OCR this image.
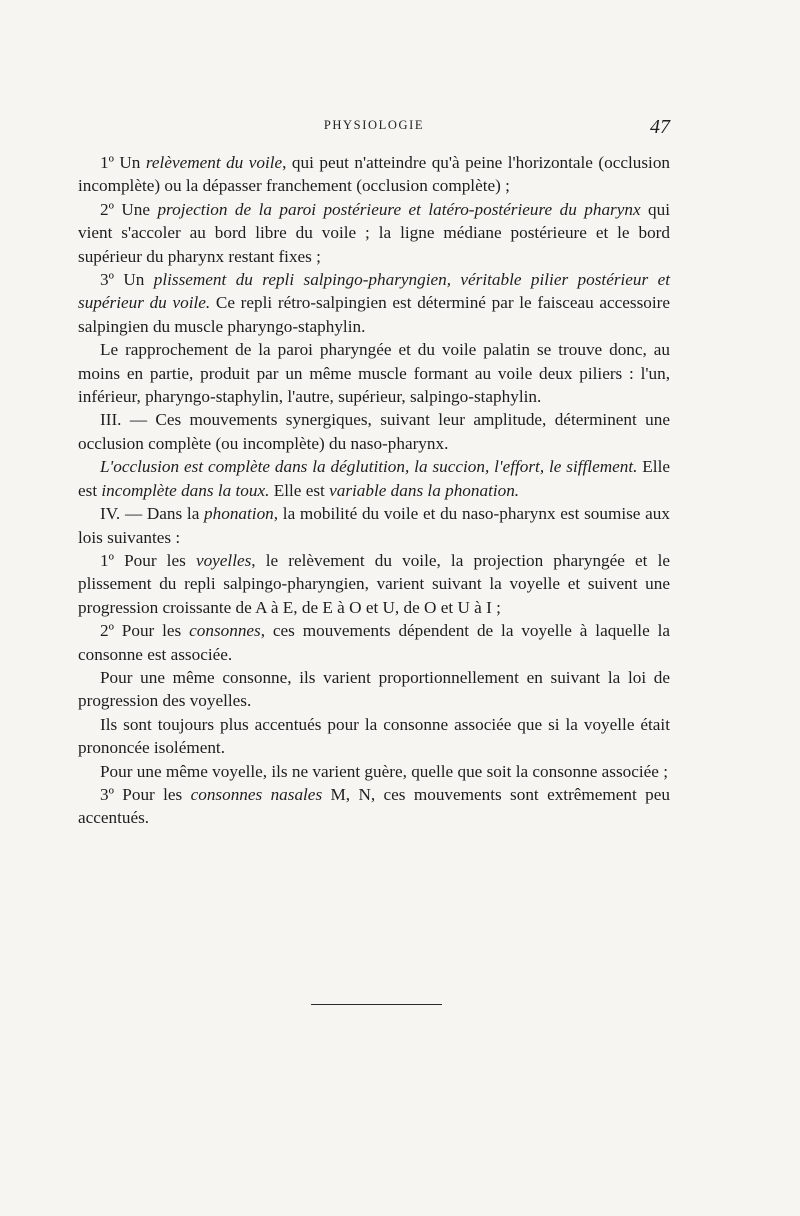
PHYSIOLOGIE	47

1º Un relèvement du voile, qui peut n'atteindre qu'à peine l'horizontale (occlusion incomplète) ou la dépasser franchement (occlusion complète) ;

2º Une projection de la paroi postérieure et latéro-postérieure du pharynx qui vient s'accoler au bord libre du voile ; la ligne médiane postérieure et le bord supérieur du pharynx restant fixes ;

3º Un plissement du repli salpingo-pharyngien, véritable pilier postérieur et supérieur du voile. Ce repli rétro-salpingien est déterminé par le faisceau accessoire salpingien du muscle pharyngo-staphylin.

Le rapprochement de la paroi pharyngée et du voile palatin se trouve donc, au moins en partie, produit par un même muscle formant au voile deux piliers : l'un, inférieur, pharyngo-staphylin, l'autre, supérieur, salpingo-staphylin.

III. — Ces mouvements synergiques, suivant leur amplitude, déterminent une occlusion complète (ou incomplète) du naso-pharynx.

L'occlusion est complète dans la déglutition, la succion, l'effort, le sifflement. Elle est incomplète dans la toux. Elle est variable dans la phonation.

IV. — Dans la phonation, la mobilité du voile et du naso-pharynx est soumise aux lois suivantes :

1º Pour les voyelles, le relèvement du voile, la projection pharyngée et le plissement du repli salpingo-pharyngien, varient suivant la voyelle et suivent une progression croissante de A à E, de E à O et U, de O et U à I ;

2º Pour les consonnes, ces mouvements dépendent de la voyelle à laquelle la consonne est associée.

Pour une même consonne, ils varient proportionnellement en suivant la loi de progression des voyelles.

Ils sont toujours plus accentués pour la consonne associée que si la voyelle était prononcée isolément.

Pour une même voyelle, ils ne varient guère, quelle que soit la consonne associée ;

3º Pour les consonnes nasales M, N, ces mouvements sont extrêmement peu accentués.
